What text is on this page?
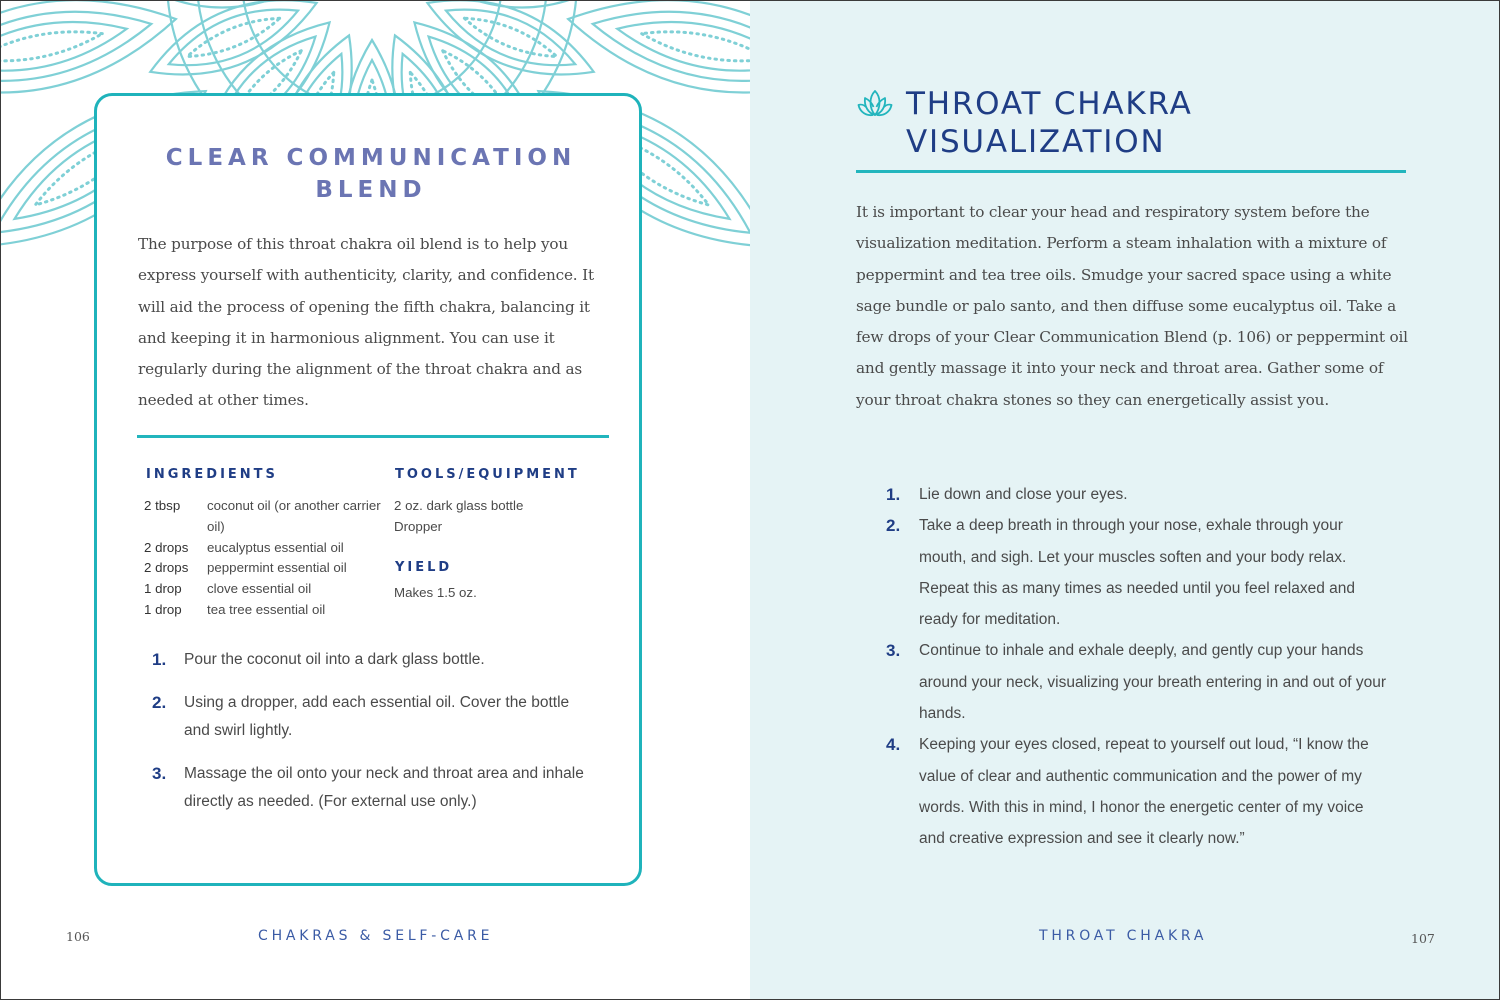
CLEAR COMMUNICATION
BLEND

The purpose of this throat chakra oil blend is to help you express yourself with authenticity, clarity, and confidence. It will aid the process of opening the fifth chakra, balancing it and keeping it in harmonious alignment. You can use it regularly during the alignment of the throat chakra and as needed at other times.

INGREDIENTS
2 tbsp	coconut oil (or another carrier oil)
2 drops	eucalyptus essential oil
2 drops	peppermint essential oil
1 drop	clove essential oil
1 drop	tea tree essential oil
TOOLS/EQUIPMENT
2 oz. dark glass bottle
Dropper
YIELD
Makes 1.5 oz.
1.	Pour the coconut oil into a dark glass bottle.
2.	Using a dropper, add each essential oil. Cover the bottle and swirl lightly.
3.	Massage the oil onto your neck and throat area and inhale directly as needed. (For external use only.)
106	CHAKRAS & SELF-CARE
THROAT CHAKRA
VISUALIZATION

It is important to clear your head and respiratory system before the visualization meditation. Perform a steam inhalation with a mixture of peppermint and tea tree oils. Smudge your sacred space using a white sage bundle or palo santo, and then diffuse some eucalyptus oil. Take a few drops of your Clear Communication Blend (p. 106) or peppermint oil and gently massage it into your neck and throat area. Gather some of your throat chakra stones so they can energetically assist you.

1.	Lie down and close your eyes.
2.	Take a deep breath in through your nose, exhale through your mouth, and sigh. Let your muscles soften and your body relax. Repeat this as many times as needed until you feel relaxed and ready for meditation.
3.	Continue to inhale and exhale deeply, and gently cup your hands around your neck, visualizing your breath entering in and out of your hands.
4.	Keeping your eyes closed, repeat to yourself out loud, “I know the value of clear and authentic communication and the power of my words. With this in mind, I honor the energetic center of my voice and creative expression and see it clearly now.”
THROAT CHAKRA	107
